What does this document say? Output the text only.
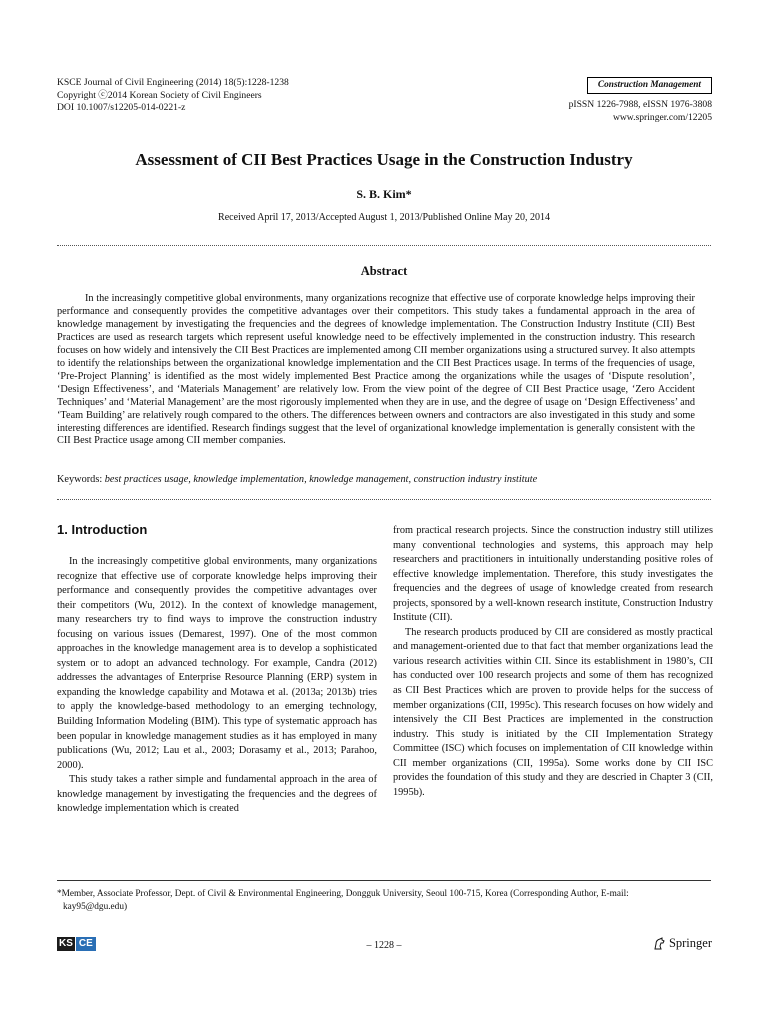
KSCE Journal of Civil Engineering (2014) 18(5):1228-1238
Copyright ⓒ2014 Korean Society of Civil Engineers
DOI 10.1007/s12205-014-0221-z
Construction Management
pISSN 1226-7988, eISSN 1976-3808
www.springer.com/12205
Assessment of CII Best Practices Usage in the Construction Industry
S. B. Kim*
Received April 17, 2013/Accepted August 1, 2013/Published Online May 20, 2014
Abstract

In the increasingly competitive global environments, many organizations recognize that effective use of corporate knowledge helps improving their performance and consequently provides the competitive advantages over their competitors. This study takes a fundamental approach in the area of knowledge management by investigating the frequencies and the degrees of knowledge implementation. The Construction Industry Institute (CII) Best Practices are used as research targets which represent useful knowledge need to be effectively implemented in the construction industry. This research focuses on how widely and intensively the CII Best Practices are implemented among CII member organizations using a structured survey. It also attempts to identify the relationships between the organizational knowledge implementation and the CII Best Practices usage. In terms of the frequencies of usage, ‘Pre-Project Planning’ is identified as the most widely implemented Best Practice among the organizations while the usages of ‘Dispute resolution’, ‘Design Effectiveness’, and ‘Materials Management’ are relatively low. From the view point of the degree of CII Best Practice usage, ‘Zero Accident Techniques’ and ‘Material Management’ are the most rigorously implemented when they are in use, and the degree of usage on ‘Design Effectiveness’ and ‘Team Building’ are relatively rough compared to the others. The differences between owners and contractors are also investigated in this study and some interesting differences are identified. Research findings suggest that the level of organizational knowledge implementation is generally consistent with the CII Best Practice usage among CII member companies.

Keywords: best practices usage, knowledge implementation, knowledge management, construction industry institute
1. Introduction

In the increasingly competitive global environments, many organizations recognize that effective use of corporate knowledge helps improving their performance and consequently provides the competitive advantages over their competitors (Wu, 2012). In the context of knowledge management, many researchers try to find ways to improve the construction industry focusing on various issues (Demarest, 1997). One of the most common approaches in the knowledge management area is to develop a sophisticated system or to adopt an advanced technology. For example, Candra (2012) addresses the advantages of Enterprise Resource Planning (ERP) system in expanding the knowledge capability and Motawa et al. (2013a; 2013b) tries to apply the knowledge-based methodology to an emerging technology, Building Information Modeling (BIM). This type of systematic approach has been popular in knowledge management studies as it has employed in many publications (Wu, 2012; Lau et al., 2003; Dorasamy et al., 2013; Parahoo, 2000).

This study takes a rather simple and fundamental approach in the area of knowledge management by investigating the frequencies and the degrees of knowledge implementation which is created

from practical research projects. Since the construction industry still utilizes many conventional technologies and systems, this approach may help researchers and practitioners in intuitionally understanding positive roles of effective knowledge implementation. Therefore, this study investigates the frequencies and the degrees of usage of knowledge created from research projects, sponsored by a well-known research institute, Construction Industry Institute (CII).

The research products produced by CII are considered as mostly practical and management-oriented due to that fact that member organizations lead the various research activities within CII. Since its establishment in 1980’s, CII has conducted over 100 research projects and some of them has recognized as CII Best Practices which are proven to provide helps for the success of member organizations (CII, 1995c). This research focuses on how widely and intensively the CII Best Practices are implemented in the construction industry. This study is initiated by the CII Implementation Strategy Committee (ISC) which focuses on implementation of CII knowledge within CII member organizations (CII, 1995a). Some works done by CII ISC provides the foundation of this study and they are descried in Chapter 3 (CII, 1995b).

*Member, Associate Professor, Dept. of Civil & Environmental Engineering, Dongguk University, Seoul 100-715, Korea (Corresponding Author, E-mail:
kay95@dgu.edu)
KS CE	– 1228 –	Springer
